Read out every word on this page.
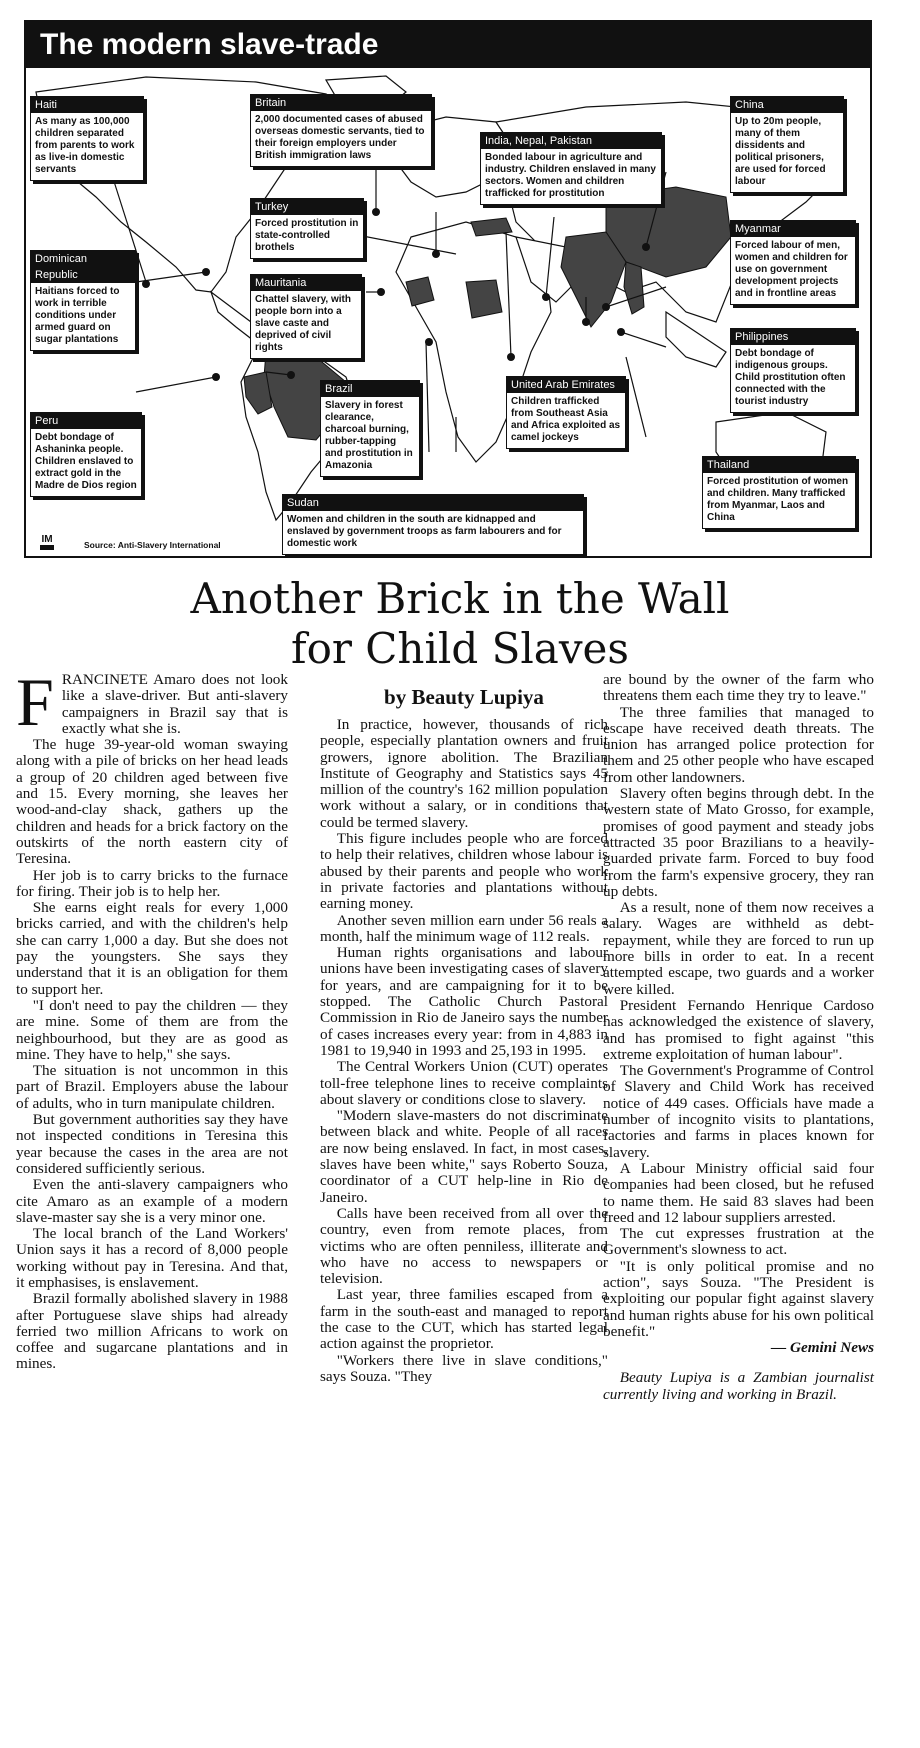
The modern slave-trade
Haiti
As many as 100,000 children separated from parents to work as live-in domestic servants
Britain
2,000 documented cases of abused overseas domestic servants, tied to their foreign employers under British immigration laws
India, Nepal, Pakistan
Bonded labour in agriculture and industry. Children enslaved in many sectors. Women and children trafficked for prostitution
China
Up to 20m people, many of them dissidents and political prisoners, are used for forced labour
Turkey
Forced prostitution in state-controlled brothels
Dominican Republic
Haitians forced to work in terrible conditions under armed guard on sugar plantations
Mauritania
Chattel slavery, with people born into a slave caste and deprived of civil rights
Myanmar
Forced labour of men, women and children for use on government development projects and in frontline areas
Philippines
Debt bondage of indigenous groups. Child prostitution often connected with the tourist industry
Brazil
Slavery in forest clearance, charcoal burning, rubber-tapping and prostitution in Amazonia
United Arab Emirates
Children trafficked from Southeast Asia and Africa exploited as camel jockeys
Peru
Debt bondage of Ashaninka people. Children enslaved to extract gold in the Madre de Dios region
Thailand
Forced prostitution of women and children. Many trafficked from Myanmar, Laos and China
Sudan
Women and children in the south are kidnapped and enslaved by government troops as farm labourers and for domestic work
IM	Source: Anti-Slavery International
Another Brick in the Wall
for Child Slaves

FRANCINETE Amaro does not look like a slave-driver. But anti-slavery campaigners in Brazil say that is exactly what she is.

The huge 39-year-old woman swaying along with a pile of bricks on her head leads a group of 20 children aged between five and 15. Every morning, she leaves her wood-and-clay shack, gathers up the children and heads for a brick factory on the outskirts of the north eastern city of Teresina.

Her job is to carry bricks to the furnace for firing. Their job is to help her.

She earns eight reals for every 1,000 bricks carried, and with the children's help she can carry 1,000 a day. But she does not pay the youngsters. She says they understand that it is an obligation for them to support her.

"I don't need to pay the children — they are mine. Some of them are from the neighbourhood, but they are as good as mine. They have to help," she says.

The situation is not uncommon in this part of Brazil. Employers abuse the labour of adults, who in turn manipulate children.

But government authorities say they have not inspected conditions in Teresina this year because the cases in the area are not considered sufficiently serious.

Even the anti-slavery campaigners who cite Amaro as an example of a modern slave-master say she is a very minor one.

The local branch of the Land Workers' Union says it has a record of 8,000 people working without pay in Teresina. And that, it emphasises, is enslavement.

Brazil formally abolished slavery in 1988 after Portuguese slave ships had already ferried two million Africans to work on coffee and sugarcane plantations and in mines.

by Beauty Lupiya

In practice, however, thousands of rich people, especially plantation owners and fruit growers, ignore abolition. The Brazilian Institute of Geography and Statistics says 45 million of the country's 162 million population work without a salary, or in conditions that could be termed slavery.

This figure includes people who are forced to help their relatives, children whose labour is abused by their parents and people who work in private factories and plantations without earning money.

Another seven million earn under 56 reals a month, half the minimum wage of 112 reals.

Human rights organisations and labour unions have been investigating cases of slavery for years, and are campaigning for it to be stopped. The Catholic Church Pastoral Commission in Rio de Janeiro says the number of cases increases every year: from in 4,883 in 1981 to 19,940 in 1993 and 25,193 in 1995.

The Central Workers Union (CUT) operates toll-free telephone lines to receive complaints about slavery or conditions close to slavery.

"Modern slave-masters do not discriminate between black and white. People of all races are now being enslaved. In fact, in most cases, slaves have been white," says Roberto Souza, coordinator of a CUT help-line in Rio de Janeiro.

Calls have been received from all over the country, even from remote places, from victims who are often penniless, illiterate and who have no access to newspapers or television.

Last year, three families escaped from a farm in the south-east and managed to report the case to the CUT, which has started legal action against the proprietor.

"Workers there live in slave conditions," says Souza. "They

are bound by the owner of the farm who threatens them each time they try to leave."

The three families that managed to escape have received death threats. The union has arranged police protection for them and 25 other people who have escaped from other landowners.

Slavery often begins through debt. In the western state of Mato Grosso, for example, promises of good payment and steady jobs attracted 35 poor Brazilians to a heavily-guarded private farm. Forced to buy food from the farm's expensive grocery, they ran up debts.

As a result, none of them now receives a salary. Wages are withheld as debt-repayment, while they are forced to run up more bills in order to eat. In a recent attempted escape, two guards and a worker were killed.

President Fernando Henrique Cardoso has acknowledged the existence of slavery, and has promised to fight against "this extreme exploitation of human labour".

The Government's Programme of Control of Slavery and Child Work has received notice of 449 cases. Officials have made a number of incognito visits to plantations, factories and farms in places known for slavery.

A Labour Ministry official said four companies had been closed, but he refused to name them. He said 83 slaves had been freed and 12 labour suppliers arrested.

The cut expresses frustration at the Government's slowness to act.

"It is only political promise and no action", says Souza. "The President is exploiting our popular fight against slavery and human rights abuse for his own political benefit."

— Gemini News

Beauty Lupiya is a Zambian journalist currently living and working in Brazil.
